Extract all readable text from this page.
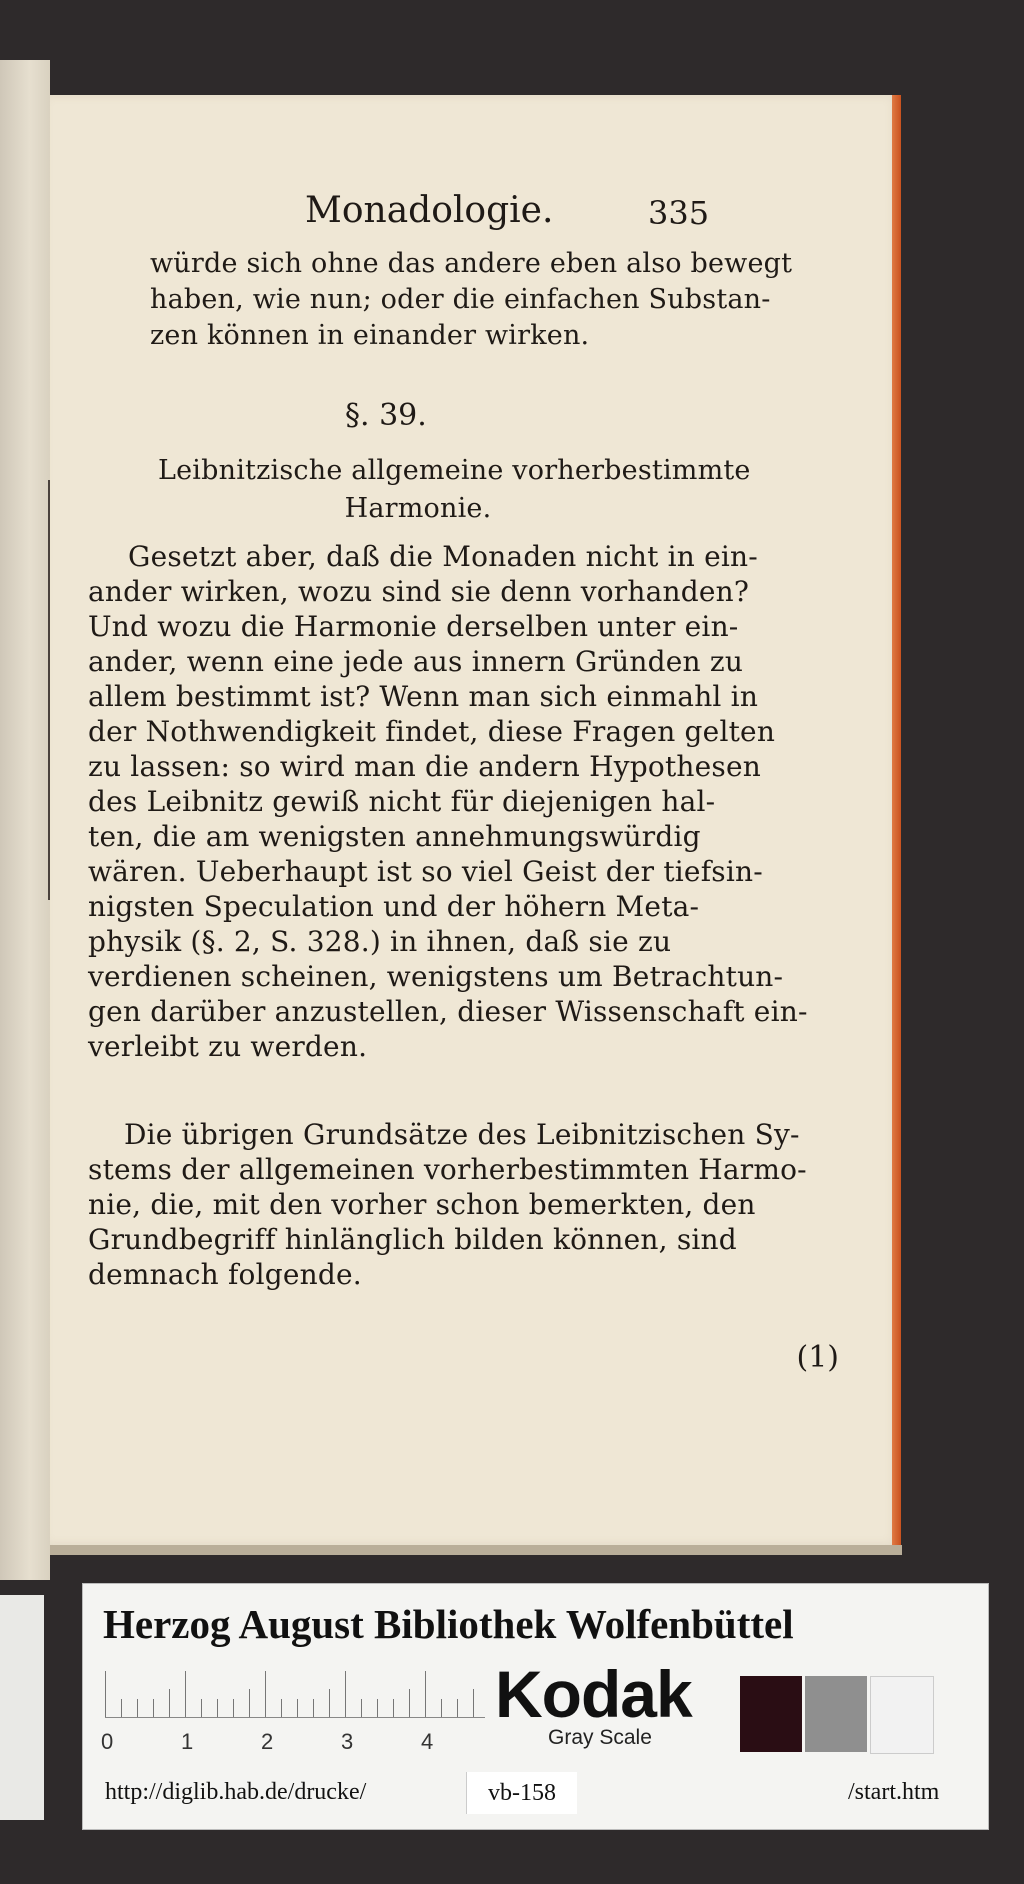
Monadologie.	335
würde sich ohne das andere eben also bewegt
haben, wie nun; oder die einfachen Substan-
zen können in einander wirken.
§. 39.
Leibnitzische allgemeine vorherbestimmte
Harmonie.
Gesetzt aber, daß die Monaden nicht in ein-
ander wirken, wozu sind sie denn vorhanden?
Und wozu die Harmonie derselben unter ein-
ander, wenn eine jede aus innern Gründen zu
allem bestimmt ist? Wenn man sich einmahl in
der Nothwendigkeit findet, diese Fragen gelten
zu lassen: so wird man die andern Hypothesen
des Leibnitz gewiß nicht für diejenigen hal-
ten, die am wenigsten annehmungswürdig
wären. Ueberhaupt ist so viel Geist der tiefsin-
nigsten Speculation und der höhern Meta-
physik (§. 2, S. 328.) in ihnen, daß sie zu
verdienen scheinen, wenigstens um Betrachtun-
gen darüber anzustellen, dieser Wissenschaft ein-
verleibt zu werden.
Die übrigen Grundsätze des Leibnitzischen Sy-
stems der allgemeinen vorherbestimmten Harmo-
nie, die, mit den vorher schon bemerkten, den
Grundbegriff hinlänglich bilden können, sind
demnach folgende.
(1)
Herzog August Bibliothek Wolfenbüttel
0	1	2	3	4
Kodak
Gray Scale
http://diglib.hab.de/drucke/	vb-158	/start.htm
